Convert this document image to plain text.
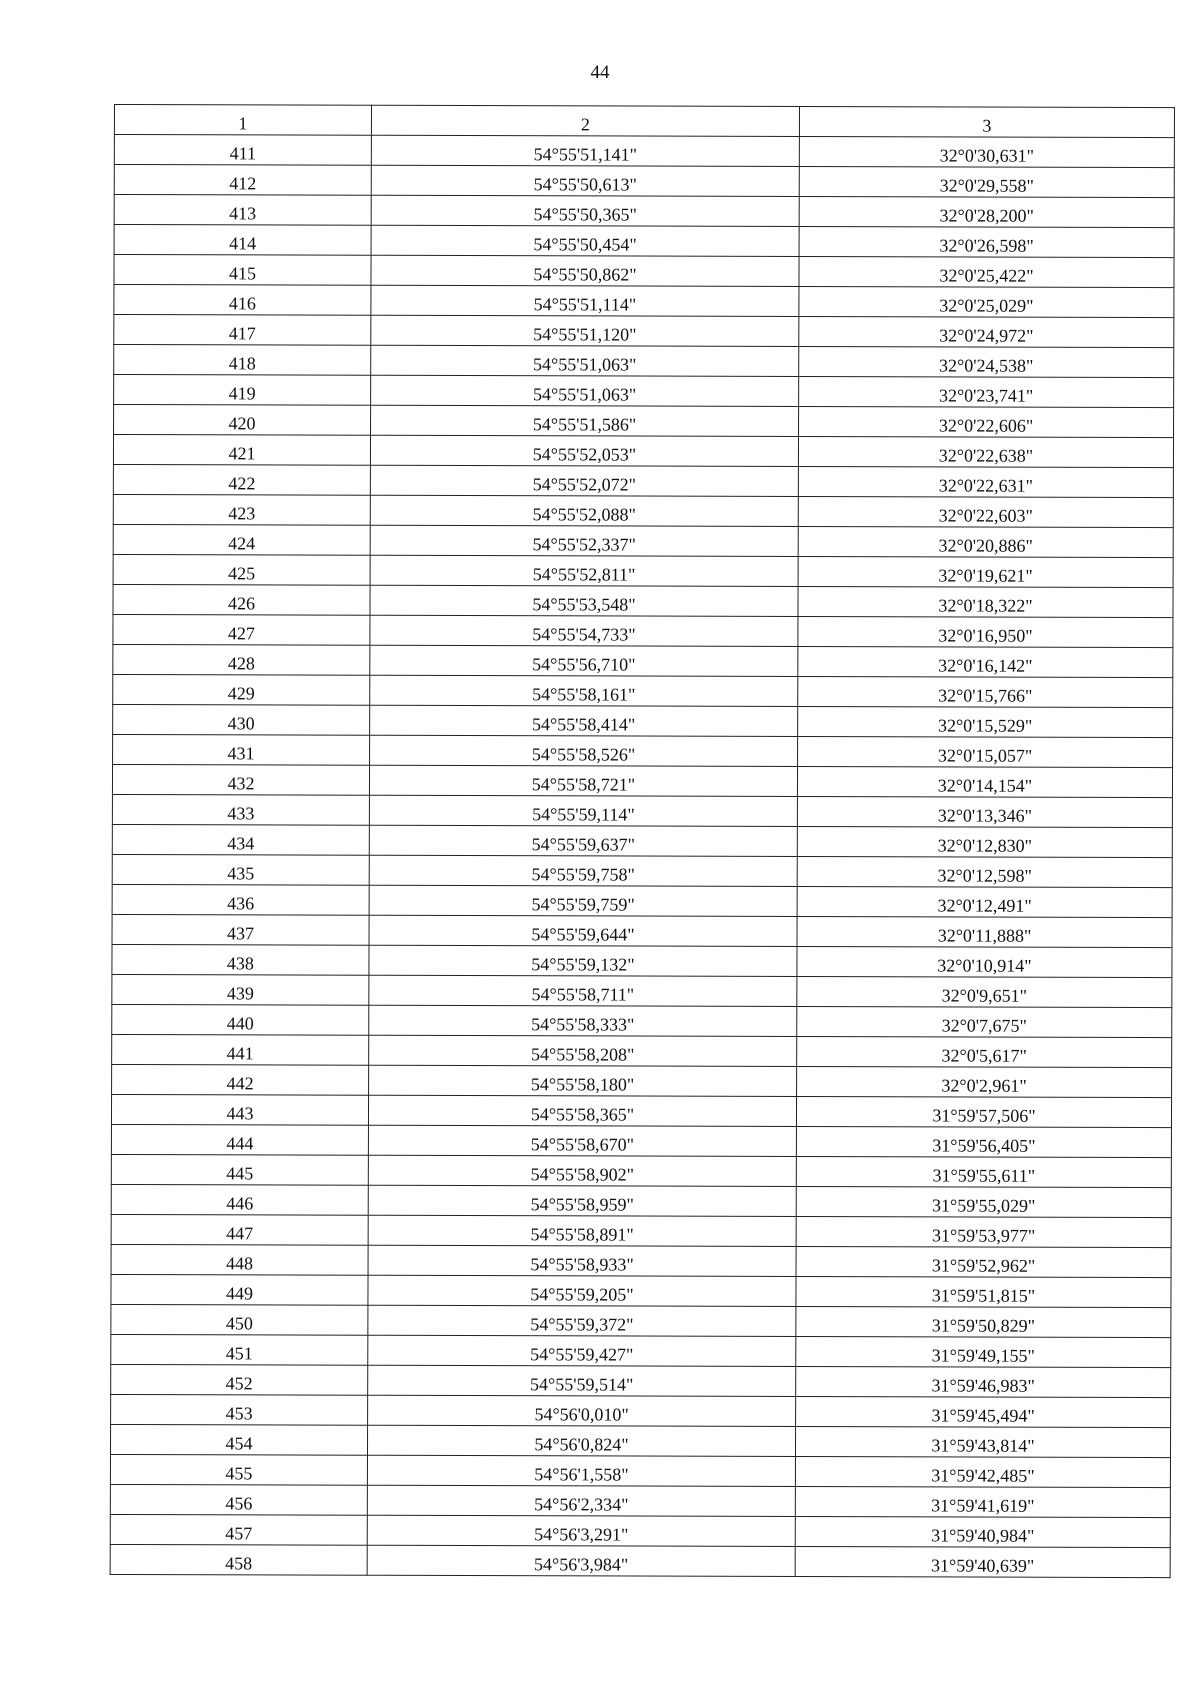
44
1	2	3
411	54°55'51,141"	32°0'30,631"
412	54°55'50,613"	32°0'29,558"
413	54°55'50,365"	32°0'28,200"
414	54°55'50,454"	32°0'26,598"
415	54°55'50,862"	32°0'25,422"
416	54°55'51,114"	32°0'25,029"
417	54°55'51,120"	32°0'24,972"
418	54°55'51,063"	32°0'24,538"
419	54°55'51,063"	32°0'23,741"
420	54°55'51,586"	32°0'22,606"
421	54°55'52,053"	32°0'22,638"
422	54°55'52,072"	32°0'22,631"
423	54°55'52,088"	32°0'22,603"
424	54°55'52,337"	32°0'20,886"
425	54°55'52,811"	32°0'19,621"
426	54°55'53,548"	32°0'18,322"
427	54°55'54,733"	32°0'16,950"
428	54°55'56,710"	32°0'16,142"
429	54°55'58,161"	32°0'15,766"
430	54°55'58,414"	32°0'15,529"
431	54°55'58,526"	32°0'15,057"
432	54°55'58,721"	32°0'14,154"
433	54°55'59,114"	32°0'13,346"
434	54°55'59,637"	32°0'12,830"
435	54°55'59,758"	32°0'12,598"
436	54°55'59,759"	32°0'12,491"
437	54°55'59,644"	32°0'11,888"
438	54°55'59,132"	32°0'10,914"
439	54°55'58,711"	32°0'9,651"
440	54°55'58,333"	32°0'7,675"
441	54°55'58,208"	32°0'5,617"
442	54°55'58,180"	32°0'2,961"
443	54°55'58,365"	31°59'57,506"
444	54°55'58,670"	31°59'56,405"
445	54°55'58,902"	31°59'55,611"
446	54°55'58,959"	31°59'55,029"
447	54°55'58,891"	31°59'53,977"
448	54°55'58,933"	31°59'52,962"
449	54°55'59,205"	31°59'51,815"
450	54°55'59,372"	31°59'50,829"
451	54°55'59,427"	31°59'49,155"
452	54°55'59,514"	31°59'46,983"
453	54°56'0,010"	31°59'45,494"
454	54°56'0,824"	31°59'43,814"
455	54°56'1,558"	31°59'42,485"
456	54°56'2,334"	31°59'41,619"
457	54°56'3,291"	31°59'40,984"
458	54°56'3,984"	31°59'40,639"
